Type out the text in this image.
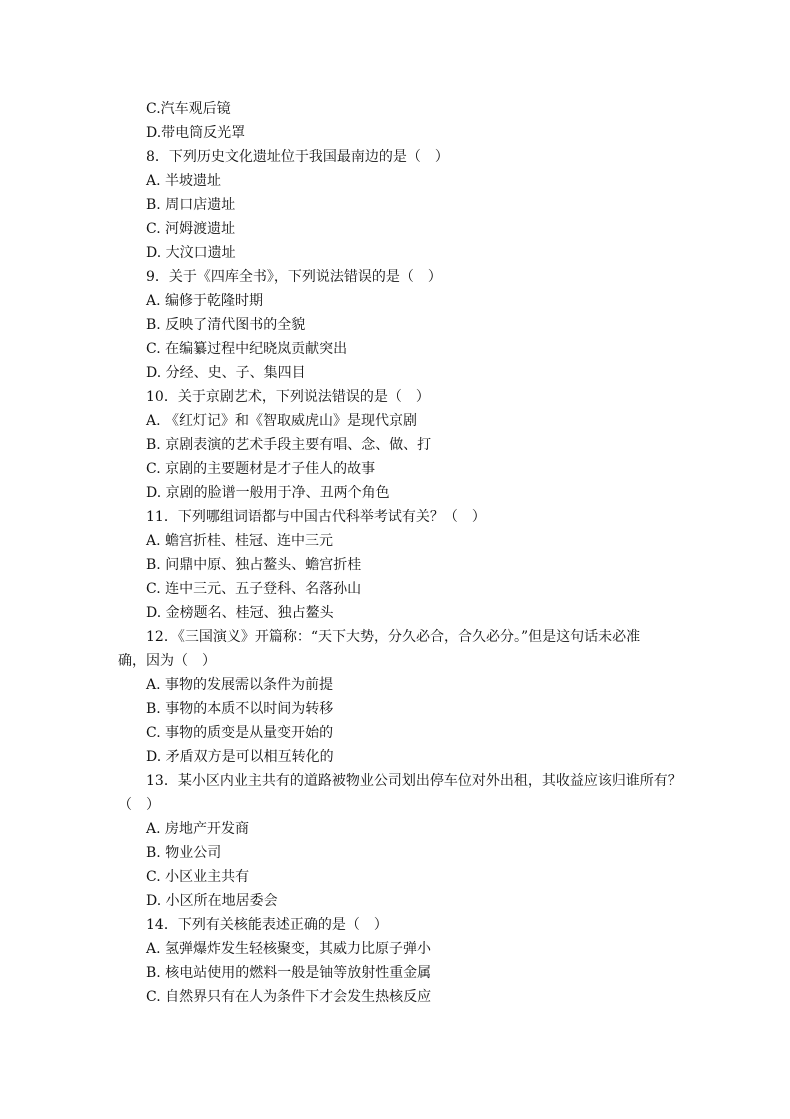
C.汽车观后镜
D.带电筒反光罩
8．下列历史文化遗址位于我国最南边的是（　）
A. 半坡遗址
B. 周口店遗址
C. 河姆渡遗址
D. 大汶口遗址
9．关于《四库全书》，下列说法错误的是（　）
A. 编修于乾隆时期
B. 反映了清代图书的全貌
C. 在编纂过程中纪晓岚贡献突出
D. 分经、史、子、集四目
10．关于京剧艺术，下列说法错误的是（　）
A. 《红灯记》和《智取威虎山》是现代京剧
B. 京剧表演的艺术手段主要有唱、念、做、打
C. 京剧的主要题材是才子佳人的故事
D. 京剧的脸谱一般用于净、丑两个角色
11．下列哪组词语都与中国古代科举考试有关？（　）
A. 蟾宫折桂、桂冠、连中三元
B. 问鼎中原、独占鳌头、蟾宫折桂
C. 连中三元、五子登科、名落孙山
D. 金榜题名、桂冠、独占鳌头
12．《三国演义》开篇称：“天下大势，分久必合，合久必分。”但是这句话未必准
确，因为（　）
A. 事物的发展需以条件为前提
B. 事物的本质不以时间为转移
C. 事物的质变是从量变开始的
D. 矛盾双方是可以相互转化的
13．某小区内业主共有的道路被物业公司划出停车位对外出租，其收益应该归谁所有？
（　）
A. 房地产开发商
B. 物业公司
C. 小区业主共有
D. 小区所在地居委会
14．下列有关核能表述正确的是（　）
A. 氢弹爆炸发生轻核聚变，其威力比原子弹小
B. 核电站使用的燃料一般是铀等放射性重金属
C. 自然界只有在人为条件下才会发生热核反应
